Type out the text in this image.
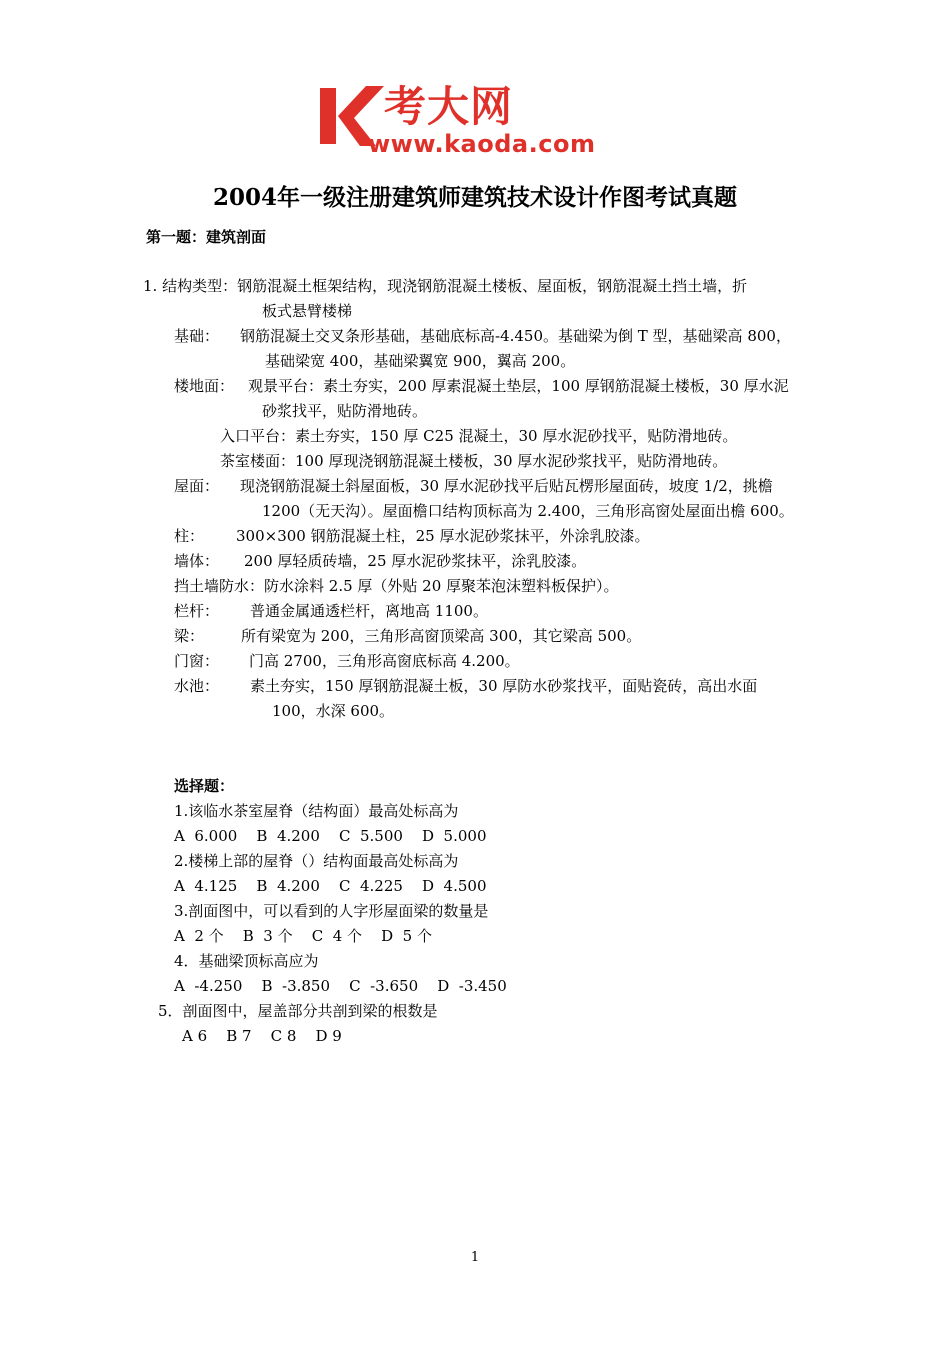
考大网
www.kaoda.com
2004年一级注册建筑师建筑技术设计作图考试真题
第一题：建筑剖面
1. 结构类型：钢筋混凝土框架结构，现浇钢筋混凝土楼板、屋面板，钢筋混凝土挡土墙，折
板式悬臂楼梯
基础： 钢筋混凝土交叉条形基础，基础底标高-4.450。基础梁为倒 T 型，基础梁高 800，
基础梁宽 400，基础梁翼宽 900，翼高 200。
楼地面： 观景平台：素土夯实，200 厚素混凝土垫层，100 厚钢筋混凝土楼板，30 厚水泥
砂浆找平，贴防滑地砖。
入口平台：素土夯实，150 厚 C25 混凝土，30 厚水泥砂找平，贴防滑地砖。
茶室楼面：100 厚现浇钢筋混凝土楼板，30 厚水泥砂浆找平，贴防滑地砖。
屋面： 现浇钢筋混凝土斜屋面板，30 厚水泥砂找平后贴瓦楞形屋面砖，坡度 1/2，挑檐
1200（无天沟）。屋面檐口结构顶标高为 2.400，三角形高窗处屋面出檐 600。
柱： 300×300 钢筋混凝土柱，25 厚水泥砂浆抹平，外涂乳胶漆。
墙体： 200 厚轻质砖墙，25 厚水泥砂浆抹平，涂乳胶漆。
挡土墙防水：防水涂料 2.5 厚（外贴 20 厚聚苯泡沫塑料板保护）。
栏杆： 普通金属通透栏杆，离地高 1100。
梁： 所有梁宽为 200，三角形高窗顶梁高 300，其它梁高 500。
门窗： 门高 2700，三角形高窗底标高 4.200。
水池： 素土夯实，150 厚钢筋混凝土板，30 厚防水砂浆找平，面贴瓷砖，高出水面
100，水深 600。
选择题：
1.该临水茶室屋脊（结构面）最高处标高为
A  6.000    B  4.200    C  5.500    D  5.000
2.楼梯上部的屋脊（）结构面最高处标高为
A  4.125    B  4.200    C  4.225    D  4.500
3.剖面图中，可以看到的人字形屋面梁的数量是
A  2 个    B  3 个    C  4 个    D  5 个
4．基础梁顶标高应为
A  -4.250    B  -3.850    C  -3.650    D  -3.450
5．剖面图中，屋盖部分共剖到梁的根数是
A 6    B 7    C 8    D 9
1
